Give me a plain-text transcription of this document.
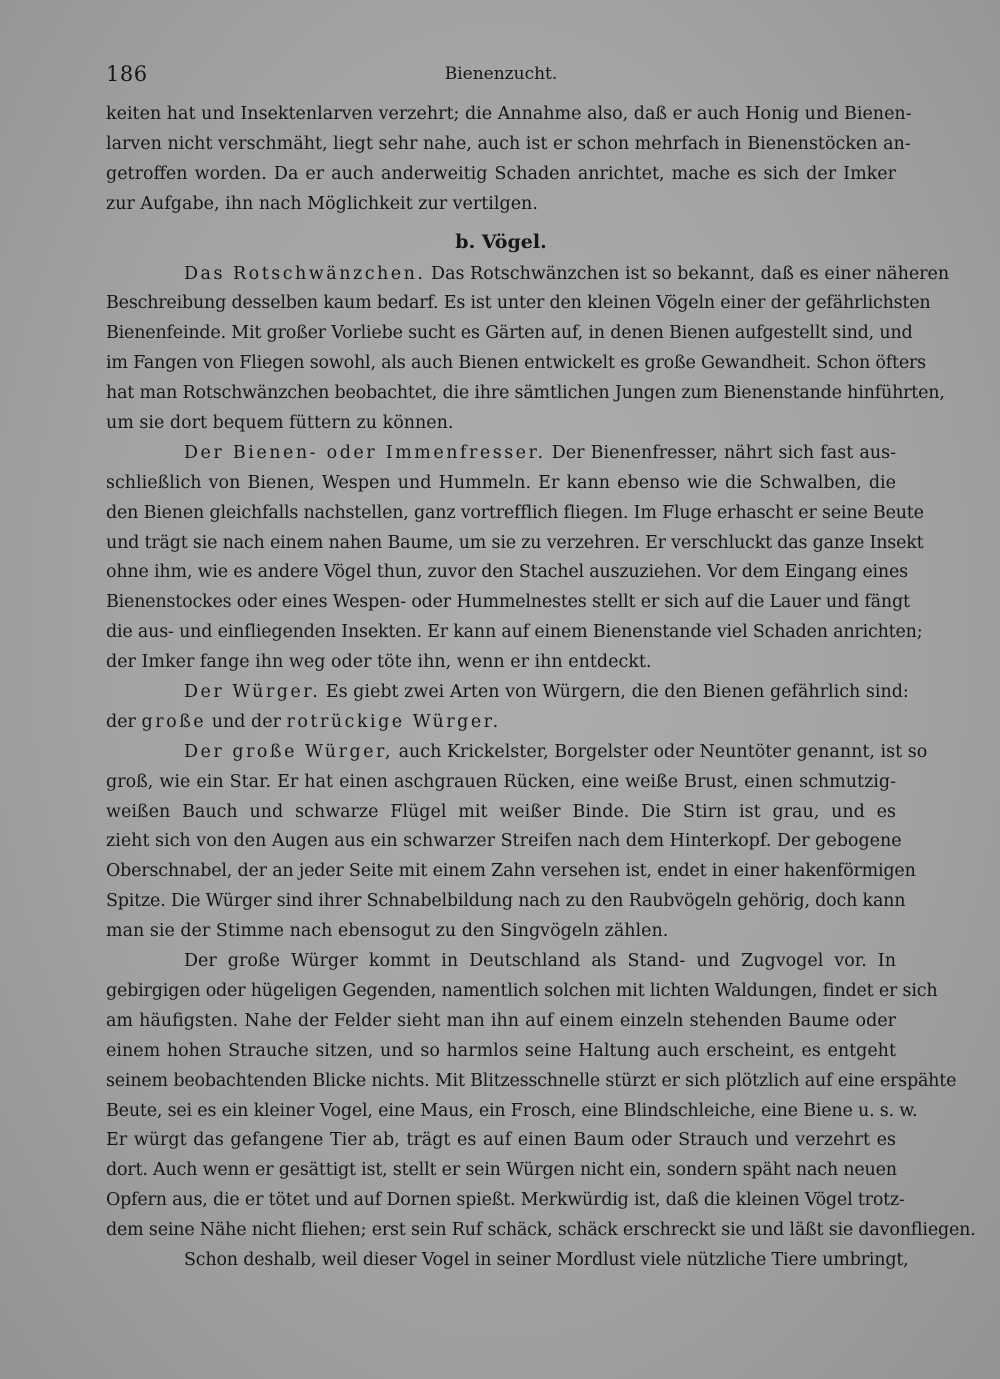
186	Bienenzucht.
keiten hat und Insektenlarven verzehrt; die Annahme also, daß er auch Honig und Bienen-
larven nicht verschmäht, liegt sehr nahe, auch ist er schon mehrfach in Bienenstöcken an-
getroffen worden. Da er auch anderweitig Schaden anrichtet, mache es sich der Imker
zur Aufgabe, ihn nach Möglichkeit zur vertilgen.
b. Vögel.
Das Rotschwänzchen. Das Rotschwänzchen ist so bekannt, daß es einer näheren
Beschreibung desselben kaum bedarf. Es ist unter den kleinen Vögeln einer der gefährlichsten
Bienenfeinde. Mit großer Vorliebe sucht es Gärten auf, in denen Bienen aufgestellt sind, und
im Fangen von Fliegen sowohl, als auch Bienen entwickelt es große Gewandheit. Schon öfters
hat man Rotschwänzchen beobachtet, die ihre sämtlichen Jungen zum Bienenstande hinführten,
um sie dort bequem füttern zu können.
Der Bienen- oder Immenfresser. Der Bienenfresser, nährt sich fast aus-
schließlich von Bienen, Wespen und Hummeln. Er kann ebenso wie die Schwalben, die
den Bienen gleichfalls nachstellen, ganz vortrefflich fliegen. Im Fluge erhascht er seine Beute
und trägt sie nach einem nahen Baume, um sie zu verzehren. Er verschluckt das ganze Insekt
ohne ihm, wie es andere Vögel thun, zuvor den Stachel auszuziehen. Vor dem Eingang eines
Bienenstockes oder eines Wespen- oder Hummelnestes stellt er sich auf die Lauer und fängt
die aus- und einfliegenden Insekten. Er kann auf einem Bienenstande viel Schaden anrichten;
der Imker fange ihn weg oder töte ihn, wenn er ihn entdeckt.
Der Würger. Es giebt zwei Arten von Würgern, die den Bienen gefährlich sind:
der große und der rotrückige Würger.
Der große Würger, auch Krickelster, Borgelster oder Neuntöter genannt, ist so
groß, wie ein Star. Er hat einen aschgrauen Rücken, eine weiße Brust, einen schmutzig-
weißen Bauch und schwarze Flügel mit weißer Binde. Die Stirn ist grau, und es
zieht sich von den Augen aus ein schwarzer Streifen nach dem Hinterkopf. Der gebogene
Oberschnabel, der an jeder Seite mit einem Zahn versehen ist, endet in einer hakenförmigen
Spitze. Die Würger sind ihrer Schnabelbildung nach zu den Raubvögeln gehörig, doch kann
man sie der Stimme nach ebensogut zu den Singvögeln zählen.
Der große Würger kommt in Deutschland als Stand- und Zugvogel vor. In
gebirgigen oder hügeligen Gegenden, namentlich solchen mit lichten Waldungen, findet er sich
am häufigsten. Nahe der Felder sieht man ihn auf einem einzeln stehenden Baume oder
einem hohen Strauche sitzen, und so harmlos seine Haltung auch erscheint, es entgeht
seinem beobachtenden Blicke nichts. Mit Blitzesschnelle stürzt er sich plötzlich auf eine erspähte
Beute, sei es ein kleiner Vogel, eine Maus, ein Frosch, eine Blindschleiche, eine Biene u. s. w.
Er würgt das gefangene Tier ab, trägt es auf einen Baum oder Strauch und verzehrt es
dort. Auch wenn er gesättigt ist, stellt er sein Würgen nicht ein, sondern späht nach neuen
Opfern aus, die er tötet und auf Dornen spießt. Merkwürdig ist, daß die kleinen Vögel trotz-
dem seine Nähe nicht fliehen; erst sein Ruf schäck, schäck erschreckt sie und läßt sie davonfliegen.
Schon deshalb, weil dieser Vogel in seiner Mordlust viele nützliche Tiere umbringt,
